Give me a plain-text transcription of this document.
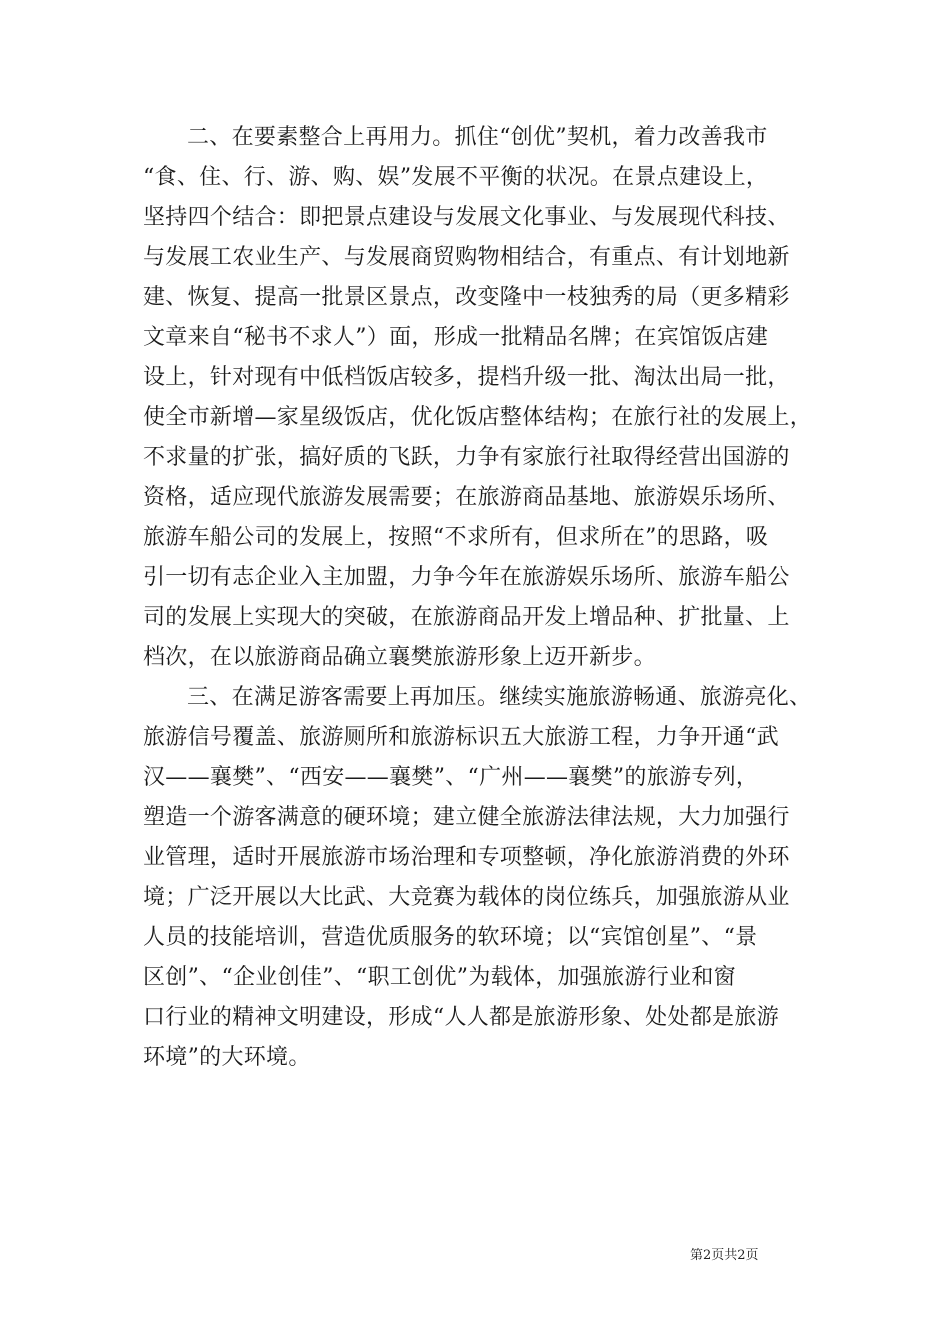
二、在要素整合上再用力。抓住“创优”契机，着力改善我市
“食、住、行、游、购、娱”发展不平衡的状况。在景点建设上，
坚持四个结合：即把景点建设与发展文化事业、与发展现代科技、
与发展工农业生产、与发展商贸购物相结合，有重点、有计划地新
建、恢复、提高一批景区景点，改变隆中一枝独秀的局（更多精彩
文章来自“秘书不求人”）面，形成一批精品名牌；在宾馆饭店建
设上，针对现有中低档饭店较多，提档升级一批、淘汰出局一批，
使全市新增—家星级饭店，优化饭店整体结构；在旅行社的发展上，
不求量的扩张，搞好质的飞跃，力争有家旅行社取得经营出国游的
资格，适应现代旅游发展需要；在旅游商品基地、旅游娱乐场所、
旅游车船公司的发展上，按照“不求所有，但求所在”的思路，吸
引一切有志企业入主加盟，力争今年在旅游娱乐场所、旅游车船公
司的发展上实现大的突破，在旅游商品开发上增品种、扩批量、上
档次，在以旅游商品确立襄樊旅游形象上迈开新步。
三、在满足游客需要上再加压。继续实施旅游畅通、旅游亮化、
旅游信号覆盖、旅游厕所和旅游标识五大旅游工程，力争开通“武
汉——襄樊”、“西安——襄樊”、“广州——襄樊”的旅游专列，
塑造一个游客满意的硬环境；建立健全旅游法律法规，大力加强行
业管理，适时开展旅游市场治理和专项整顿，净化旅游消费的外环
境；广泛开展以大比武、大竞赛为载体的岗位练兵，加强旅游从业
人员的技能培训，营造优质服务的软环境；以“宾馆创星”、“景
区创”、“企业创佳”、“职工创优”为载体，加强旅游行业和窗
口行业的精神文明建设，形成“人人都是旅游形象、处处都是旅游
环境”的大环境。
第2页共2页
